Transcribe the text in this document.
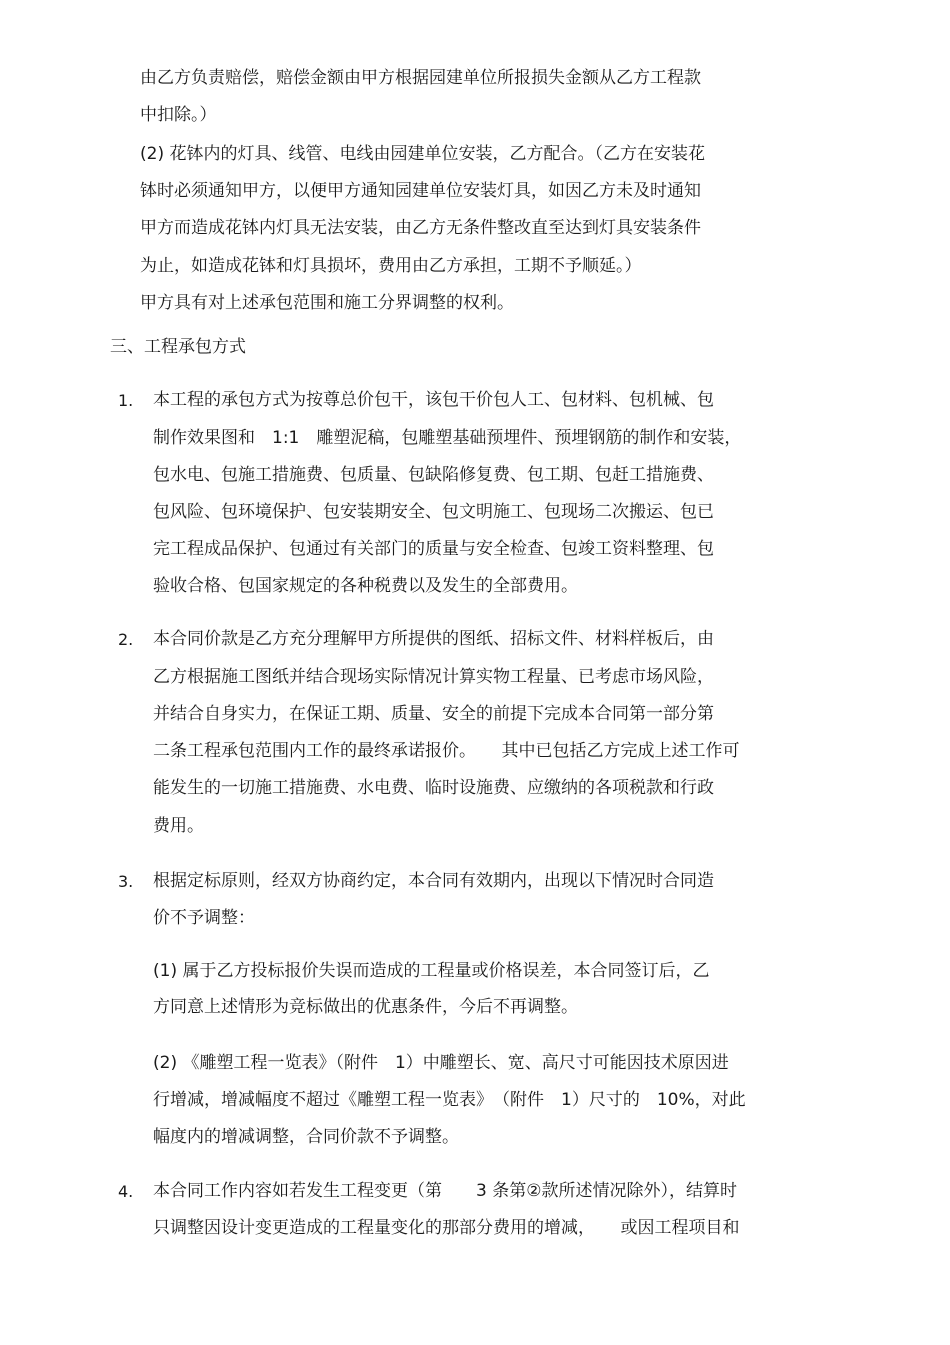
由乙方负责赔偿，赔偿金额由甲方根据园建单位所报损失金额从乙方工程款
中扣除。）
(2) 花钵内的灯具、线管、电线由园建单位安装，乙方配合。（乙方在安装花
钵时必须通知甲方，以便甲方通知园建单位安装灯具，如因乙方未及时通知
甲方而造成花钵内灯具无法安装，由乙方无条件整改直至达到灯具安装条件
为止，如造成花钵和灯具损坏，费用由乙方承担，工期不予顺延。）
甲方具有对上述承包范围和施工分界调整的权利。
三、工程承包方式
1. 本工程的承包方式为按尊总价包干，该包干价包人工、包材料、包机械、包
制作效果图和　1:1　雕塑泥稿，包雕塑基础预埋件、预埋钢筋的制作和安装，
包水电、包施工措施费、包质量、包缺陷修复费、包工期、包赶工措施费、
包风险、包环境保护、包安装期安全、包文明施工、包现场二次搬运、包已
完工程成品保护、包通过有关部门的质量与安全检查、包竣工资料整理、包
验收合格、包国家规定的各种税费以及发生的全部费用。
2. 本合同价款是乙方充分理解甲方所提供的图纸、招标文件、材料样板后，由
乙方根据施工图纸并结合现场实际情况计算实物工程量、已考虑市场风险，
并结合自身实力，在保证工期、质量、安全的前提下完成本合同第一部分第
二条工程承包范围内工作的最终承诺报价。　　其中已包括乙方完成上述工作可
能发生的一切施工措施费、水电费、临时设施费、应缴纳的各项税款和行政
费用。
3. 根据定标原则，经双方协商约定，本合同有效期内，出现以下情况时合同造
价不予调整：
(1) 属于乙方投标报价失误而造成的工程量或价格误差，本合同签订后，乙
方同意上述情形为竞标做出的优惠条件，今后不再调整。
(2) 《雕塑工程一览表》（附件　1）中雕塑长、宽、高尺寸可能因技术原因进
行增减，增减幅度不超过《雕塑工程一览表》　（附件　1）尺寸的　10%，对此
幅度内的增减调整，合同价款不予调整。
4. 本合同工作内容如若发生工程变更（第　　3 条第②款所述情况除外），结算时
只调整因设计变更造成的工程量变化的那部分费用的增减，　　或因工程项目和
